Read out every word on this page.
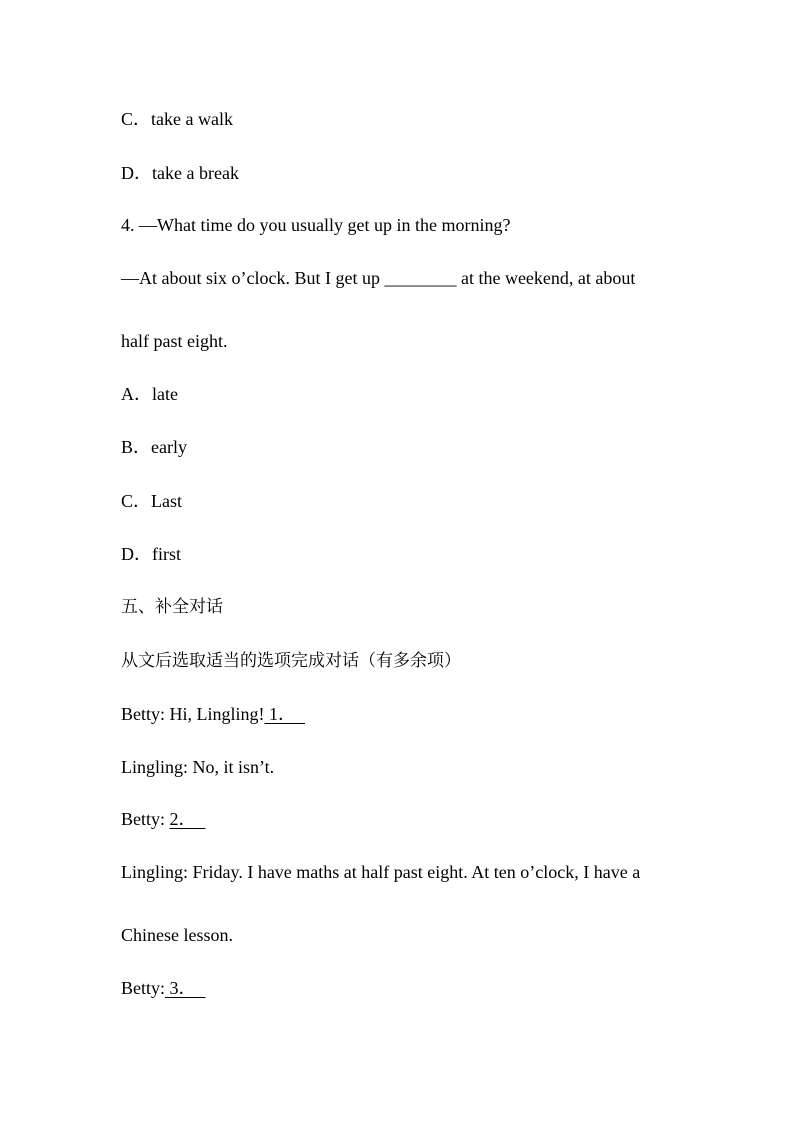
C．take a walk
D．take a break
4. —What time do you usually get up in the morning?
—At about six o’clock. But I get up ________ at the weekend, at about
half past eight.
A．late
B．early
C．Last
D．first
五、补全对话
从文后选取适当的选项完成对话（有多余项）
Betty: Hi, Lingling! 1．
Lingling: No, it isn’t.
Betty: 2．
Lingling: Friday. I have maths at half past eight. At ten o’clock, I have a
Chinese lesson.
Betty: 3．
